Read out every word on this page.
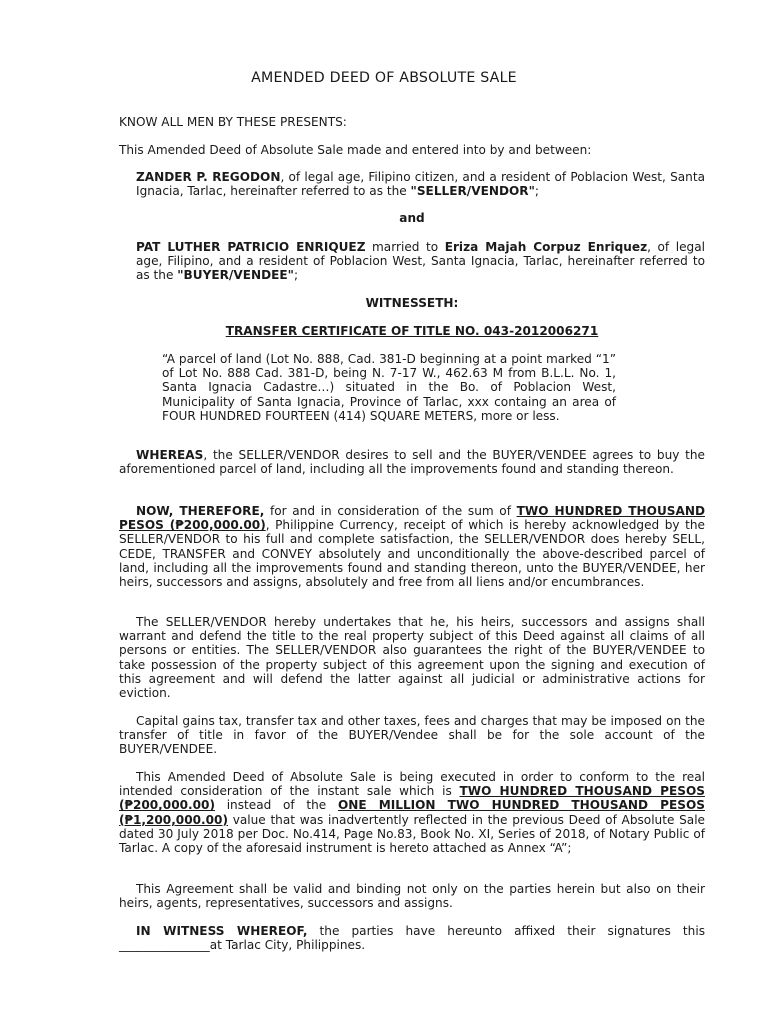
AMENDED DEED OF ABSOLUTE SALE
KNOW ALL MEN BY THESE PRESENTS:
This Amended Deed of Absolute Sale made and entered into by and between:
ZANDER P. REGODON, of legal age, Filipino citizen, and a resident of Poblacion West, Santa Ignacia, Tarlac, hereinafter referred to as the "SELLER/VENDOR";
and
PAT LUTHER PATRICIO ENRIQUEZ married to Eriza Majah Corpuz Enriquez, of legal age, Filipino, and a resident of Poblacion West, Santa Ignacia, Tarlac, hereinafter referred to as the "BUYER/VENDEE";
WITNESSETH:
TRANSFER CERTIFICATE OF TITLE NO. 043-2012006271
“A parcel of land (Lot No. 888, Cad. 381-D beginning at a point marked “1” of Lot No. 888 Cad. 381-D, being N. 7-17 W., 462.63 M from B.L.L. No. 1, Santa Ignacia Cadastre…) situated in the Bo. of Poblacion West, Municipality of Santa Ignacia, Province of Tarlac, xxx containg an area of FOUR HUNDRED FOURTEEN (414) SQUARE METERS, more or less.
WHEREAS, the SELLER/VENDOR desires to sell and the BUYER/VENDEE agrees to buy the aforementioned parcel of land, including all the improvements found and standing thereon.
NOW, THEREFORE, for and in consideration of the sum of TWO HUNDRED THOUSAND PESOS (₱200,000.00), Philippine Currency, receipt of which is hereby acknowledged by the SELLER/VENDOR to his full and complete satisfaction, the SELLER/VENDOR does hereby SELL, CEDE, TRANSFER and CONVEY absolutely and unconditionally the above-described parcel of land, including all the improvements found and standing thereon, unto the BUYER/VENDEE, her heirs, successors and assigns, absolutely and free from all liens and/or encumbrances.
The SELLER/VENDOR hereby undertakes that he, his heirs, successors and assigns shall warrant and defend the title to the real property subject of this Deed against all claims of all persons or entities. The SELLER/VENDOR also guarantees the right of the BUYER/VENDEE to take possession of the property subject of this agreement upon the signing and execution of this agreement and will defend the latter against all judicial or administrative actions for eviction.
Capital gains tax, transfer tax and other taxes, fees and charges that may be imposed on the transfer of title in favor of the BUYER/Vendee shall be for the sole account of the BUYER/VENDEE.
This Amended Deed of Absolute Sale is being executed in order to conform to the real intended consideration of the instant sale which is TWO HUNDRED THOUSAND PESOS (₱200,000.00) instead of the ONE MILLION TWO HUNDRED THOUSAND PESOS (₱1,200,000.00) value that was inadvertently reflected in the previous Deed of Absolute Sale dated 30 July 2018 per Doc. No.414, Page No.83, Book No. XI, Series of 2018, of Notary Public of Tarlac. A copy of the aforesaid instrument is hereto attached as Annex “A”;
This Agreement shall be valid and binding not only on the parties herein but also on their heirs, agents, representatives, successors and assigns.
IN WITNESS WHEREOF, the parties have hereunto affixed their signatures this _______________at Tarlac City, Philippines.
